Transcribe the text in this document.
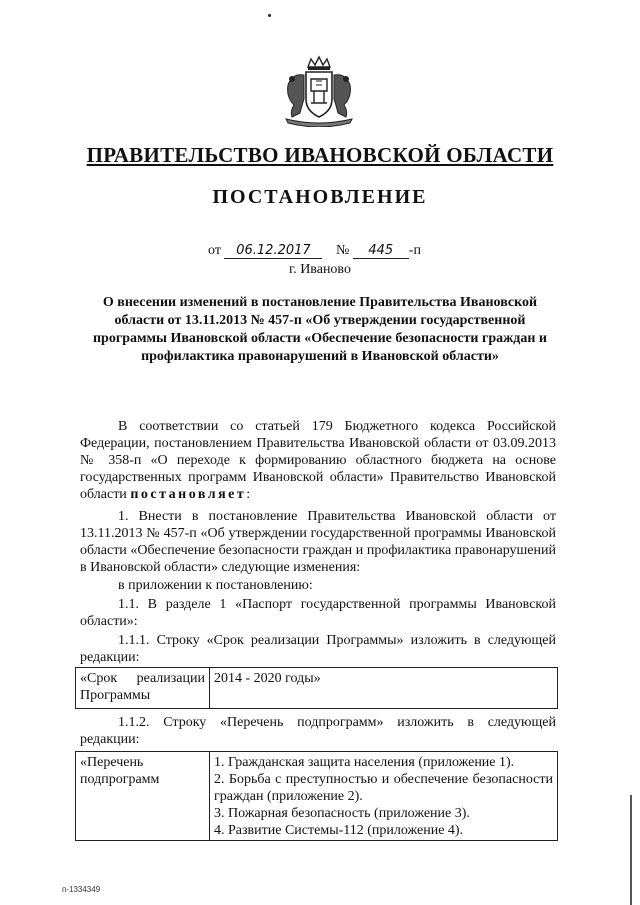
ПРАВИТЕЛЬСТВО ИВАНОВСКОЙ ОБЛАСТИ
ПОСТАНОВЛЕНИЕ
от 06.12.2017 № 445 -п
г. Иваново
О внесении изменений в постановление Правительства Ивановской области от 13.11.2013 № 457-п «Об утверждении государственной программы Ивановской области «Обеспечение безопасности граждан и профилактика правонарушений в Ивановской области»
В соответствии со статьей 179 Бюджетного кодекса Российской Федерации, постановлением Правительства Ивановской области от 03.09.2013 № 358-п «О переходе к формированию областного бюджета на основе государственных программ Ивановской области» Правительство Ивановской области постановляет:
1. Внести в постановление Правительства Ивановской области от 13.11.2013 № 457-п «Об утверждении государственной программы Ивановской области «Обеспечение безопасности граждан и профилактика правонарушений в Ивановской области» следующие изменения:
в приложении к постановлению:
1.1. В разделе 1 «Паспорт государственной программы Ивановской области»:
1.1.1. Строку «Срок реализации Программы» изложить в следующей редакции:
«Срок реализации Программы
2014 - 2020 годы»
1.1.2. Строку «Перечень подпрограмм» изложить в следующей редакции:
«Перечень подпрограмм
1. Гражданская защита населения (приложение 1).
2. Борьба с преступностью и обеспечение безопасности граждан (приложение 2).
3. Пожарная безопасность (приложение 3).
4. Развитие Системы-112 (приложение 4).
п-1334349
